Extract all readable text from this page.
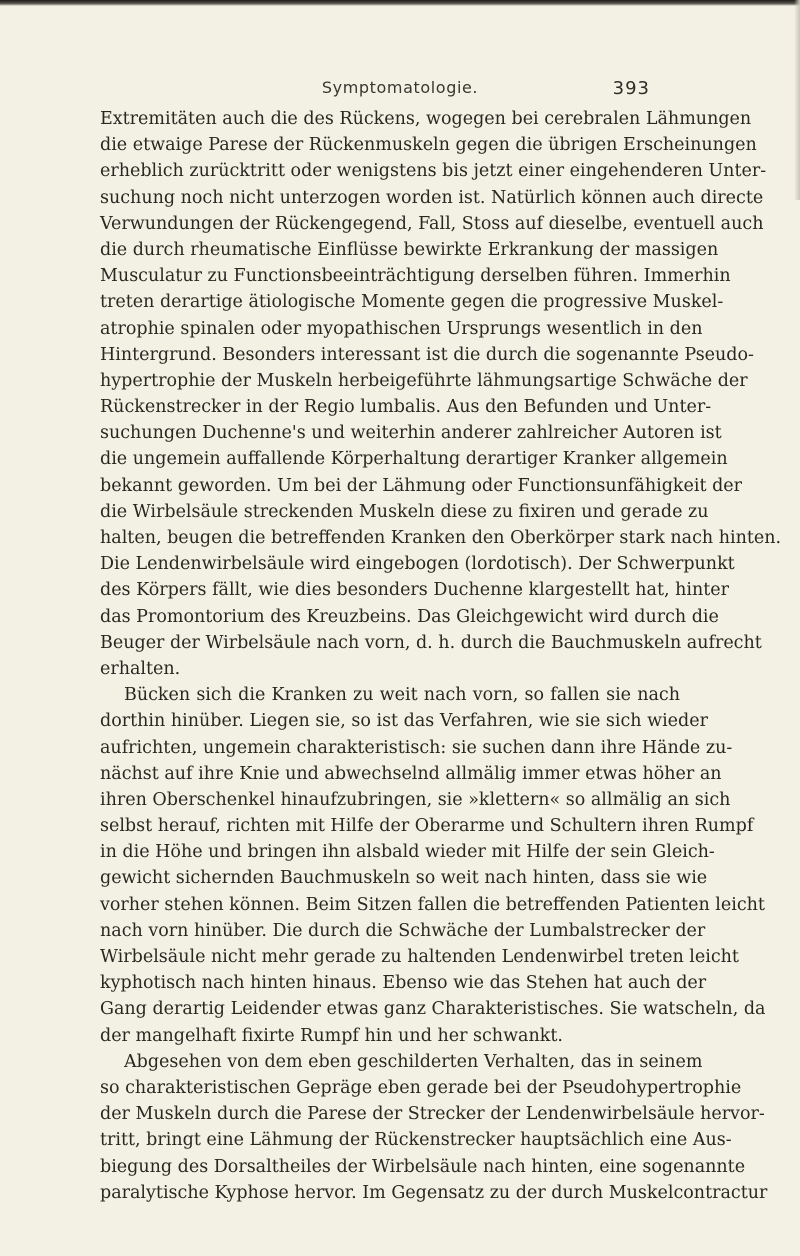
Symptomatologie.	393
Extremitäten auch die des Rückens, wogegen bei cerebralen Lähmungen
die etwaige Parese der Rückenmuskeln gegen die übrigen Erscheinungen
erheblich zurücktritt oder wenigstens bis jetzt einer eingehenderen Unter-
suchung noch nicht unterzogen worden ist. Natürlich können auch directe
Verwundungen der Rückengegend, Fall, Stoss auf dieselbe, eventuell auch
die durch rheumatische Einflüsse bewirkte Erkrankung der massigen
Musculatur zu Functionsbeeinträchtigung derselben führen. Immerhin
treten derartige ätiologische Momente gegen die progressive Muskel-
atrophie spinalen oder myopathischen Ursprungs wesentlich in den
Hintergrund. Besonders interessant ist die durch die sogenannte Pseudo-
hypertrophie der Muskeln herbeigeführte lähmungsartige Schwäche der
Rückenstrecker in der Regio lumbalis. Aus den Befunden und Unter-
suchungen Duchenne's und weiterhin anderer zahlreicher Autoren ist
die ungemein auffallende Körperhaltung derartiger Kranker allgemein
bekannt geworden. Um bei der Lähmung oder Functionsunfähigkeit der
die Wirbelsäule streckenden Muskeln diese zu fixiren und gerade zu
halten, beugen die betreffenden Kranken den Oberkörper stark nach hinten.
Die Lendenwirbelsäule wird eingebogen (lordotisch). Der Schwerpunkt
des Körpers fällt, wie dies besonders Duchenne klargestellt hat, hinter
das Promontorium des Kreuzbeins. Das Gleichgewicht wird durch die
Beuger der Wirbelsäule nach vorn, d. h. durch die Bauchmuskeln aufrecht
erhalten.
Bücken sich die Kranken zu weit nach vorn, so fallen sie nach
dorthin hinüber. Liegen sie, so ist das Verfahren, wie sie sich wieder
aufrichten, ungemein charakteristisch: sie suchen dann ihre Hände zu-
nächst auf ihre Knie und abwechselnd allmälig immer etwas höher an
ihren Oberschenkel hinaufzubringen, sie »klettern« so allmälig an sich
selbst herauf, richten mit Hilfe der Oberarme und Schultern ihren Rumpf
in die Höhe und bringen ihn alsbald wieder mit Hilfe der sein Gleich-
gewicht sichernden Bauchmuskeln so weit nach hinten, dass sie wie
vorher stehen können. Beim Sitzen fallen die betreffenden Patienten leicht
nach vorn hinüber. Die durch die Schwäche der Lumbalstrecker der
Wirbelsäule nicht mehr gerade zu haltenden Lendenwirbel treten leicht
kyphotisch nach hinten hinaus. Ebenso wie das Stehen hat auch der
Gang derartig Leidender etwas ganz Charakteristisches. Sie watscheln, da
der mangelhaft fixirte Rumpf hin und her schwankt.
Abgesehen von dem eben geschilderten Verhalten, das in seinem
so charakteristischen Gepräge eben gerade bei der Pseudohypertrophie
der Muskeln durch die Parese der Strecker der Lendenwirbelsäule hervor-
tritt, bringt eine Lähmung der Rückenstrecker hauptsächlich eine Aus-
biegung des Dorsaltheiles der Wirbelsäule nach hinten, eine sogenannte
paralytische Kyphose hervor. Im Gegensatz zu der durch Muskelcontractur
